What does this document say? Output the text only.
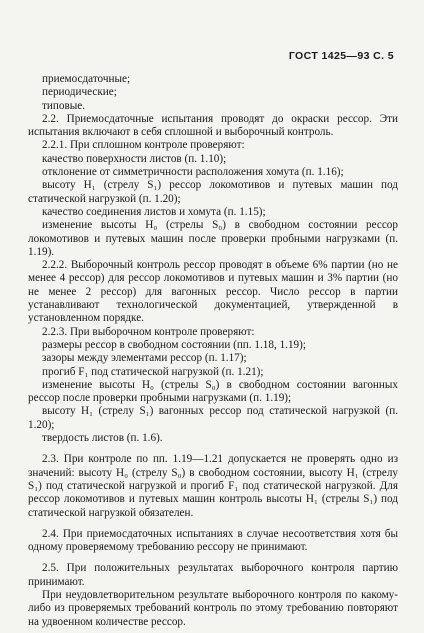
ГОСТ 1425—93 С. 5

приемосдаточные;

периодические;

типовые.

2.2. Приемосдаточные испытания проводят до окраски рессор. Эти испытания включают в себя сплошной и выборочный контроль.

2.2.1. При сплошном контроле проверяют:

качество поверхности листов (п. 1.10);

отклонение от симметричности расположения хомута (п. 1.16);

высоту H₁ (стрелу S₁) рессор локомотивов и путевых машин под статической нагрузкой (п. 1.20);

качество соединения листов и хомута (п. 1.15);

изменение высоты H₀ (стрелы S₀) в свободном состоянии рессор локомотивов и путевых машин после проверки пробными нагрузками (п. 1.19).

2.2.2. Выборочный контроль рессор проводят в объеме 6% партии (но не менее 4 рессор) для рессор локомотивов и путевых машин и 3% партии (но не менее 2 рессор) для вагонных рессор. Число рессор в партии устанавливают технологической документацией, утвержденной в установленном порядке.

2.2.3. При выборочном контроле проверяют:

размеры рессор в свободном состоянии (пп. 1.18, 1.19);

зазоры между элементами рессор (п. 1.17);

прогиб F₁ под статической нагрузкой (п. 1.21);

изменение высоты H₀ (стрелы S₀) в свободном состоянии вагонных рессор после проверки пробными нагрузками (п. 1.19);

высоту H₁ (стрелу S₁) вагонных рессор под статической нагрузкой (п. 1.20);

твердость листов (п. 1.6).

2.3. При контроле по пп. 1.19—1.21 допускается не проверять одно из значений: высоту H₀ (стрелу S₀) в свободном состоянии, высоту H₁ (стрелу S₁) под статической нагрузкой и прогиб F₁ под статической нагрузкой. Для рессор локомотивов и путевых машин контроль высоты H₁ (стрелы S₁) под статической нагрузкой обязателен.

2.4. При приемосдаточных испытаниях в случае несоответствия хотя бы одному проверяемому требованию рессору не принимают.

2.5. При положительных результатах выборочного контроля партию принимают.

При неудовлетворительном результате выборочного контроля по какому-либо из проверяемых требований контроль по этому требованию повторяют на удвоенном количестве рессор.
